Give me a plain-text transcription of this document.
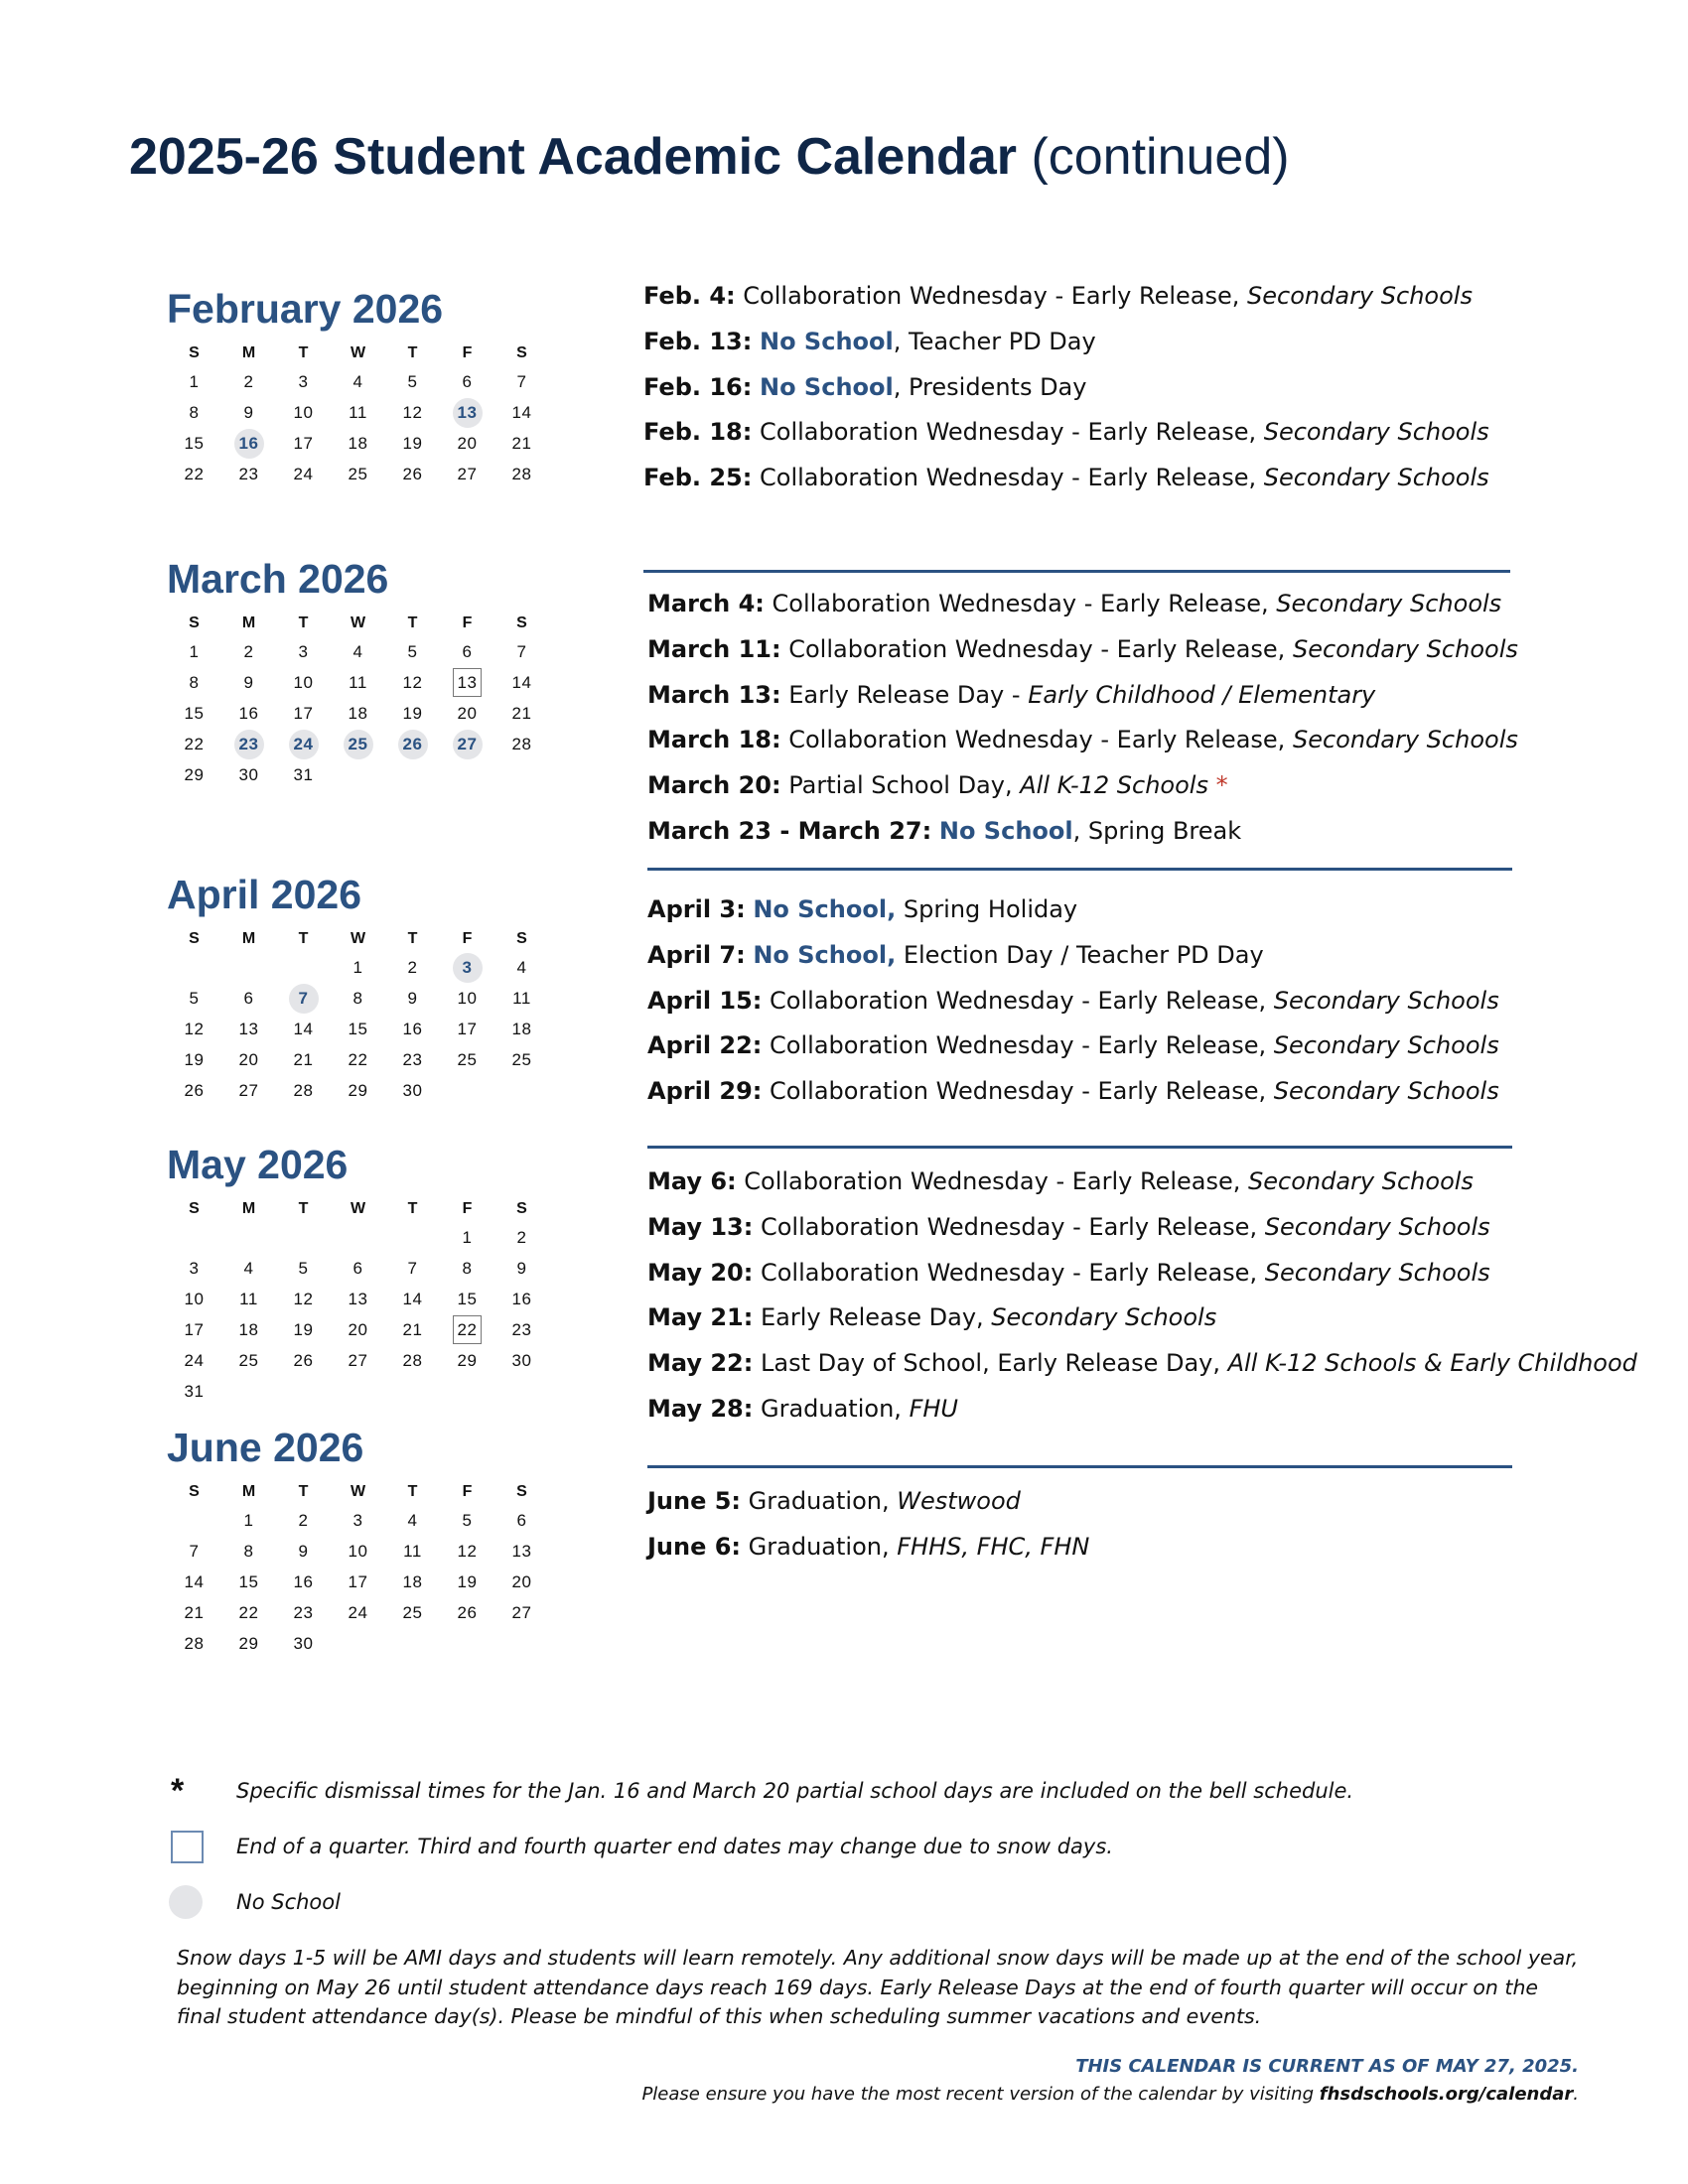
2025-26 Student Academic Calendar (continued)
February 2026
S	M	T	W	T	F	S
1	2	3	4	5	6	7
8	9	10	11	12	13	14
15	16	17	18	19	20	21
22	23	24	25	26	27	28
March 2026
S	M	T	W	T	F	S
1	2	3	4	5	6	7
8	9	10	11	12	13	14
15	16	17	18	19	20	21
22	23	24	25	26	27	28
29	30	31				
April 2026
S	M	T	W	T	F	S
			1	2	3	4
5	6	7	8	9	10	11
12	13	14	15	16	17	18
19	20	21	22	23	25	25
26	27	28	29	30		
May 2026
S	M	T	W	T	F	S
					1	2
3	4	5	6	7	8	9
10	11	12	13	14	15	16
17	18	19	20	21	22	23
24	25	26	27	28	29	30
31						
June 2026
S	M	T	W	T	F	S
	1	2	3	4	5	6
7	8	9	10	11	12	13
14	15	16	17	18	19	20
21	22	23	24	25	26	27
28	29	30				
Feb. 4: Collaboration Wednesday - Early Release, Secondary Schools
Feb. 13: No School, Teacher PD Day
Feb. 16: No School, Presidents Day
Feb. 18: Collaboration Wednesday - Early Release, Secondary Schools
Feb. 25: Collaboration Wednesday - Early Release, Secondary Schools
March 4: Collaboration Wednesday - Early Release, Secondary Schools
March 11: Collaboration Wednesday - Early Release, Secondary Schools
March 13: Early Release Day - Early Childhood / Elementary
March 18: Collaboration Wednesday - Early Release, Secondary Schools
March 20: Partial School Day, All K-12 Schools *
March 23 - March 27: No School, Spring Break
April 3: No School, Spring Holiday
April 7: No School, Election Day / Teacher PD Day
April 15: Collaboration Wednesday - Early Release, Secondary Schools
April 22: Collaboration Wednesday - Early Release, Secondary Schools
April 29: Collaboration Wednesday - Early Release, Secondary Schools
May 6: Collaboration Wednesday - Early Release, Secondary Schools
May 13: Collaboration Wednesday - Early Release, Secondary Schools
May 20: Collaboration Wednesday - Early Release, Secondary Schools
May 21: Early Release Day, Secondary Schools
May 22: Last Day of School, Early Release Day, All K-12 Schools & Early Childhood
May 28: Graduation, FHU
June 5: Graduation, Westwood
June 6: Graduation, FHHS, FHC, FHN
*	Specific dismissal times for the Jan. 16 and March 20 partial school days are included on the bell schedule.
End of a quarter. Third and fourth quarter end dates may change due to snow days.
No School

Snow days 1-5 will be AMI days and students will learn remotely. Any additional snow days will be made up at the end of the school year, beginning on May 26 until student attendance days reach 169 days. Early Release Days at the end of fourth quarter will occur on the final student attendance day(s). Please be mindful of this when scheduling summer vacations and events.

THIS CALENDAR IS CURRENT AS OF MAY 27, 2025.
Please ensure you have the most recent version of the calendar by visiting fhsdschools.org/calendar.
